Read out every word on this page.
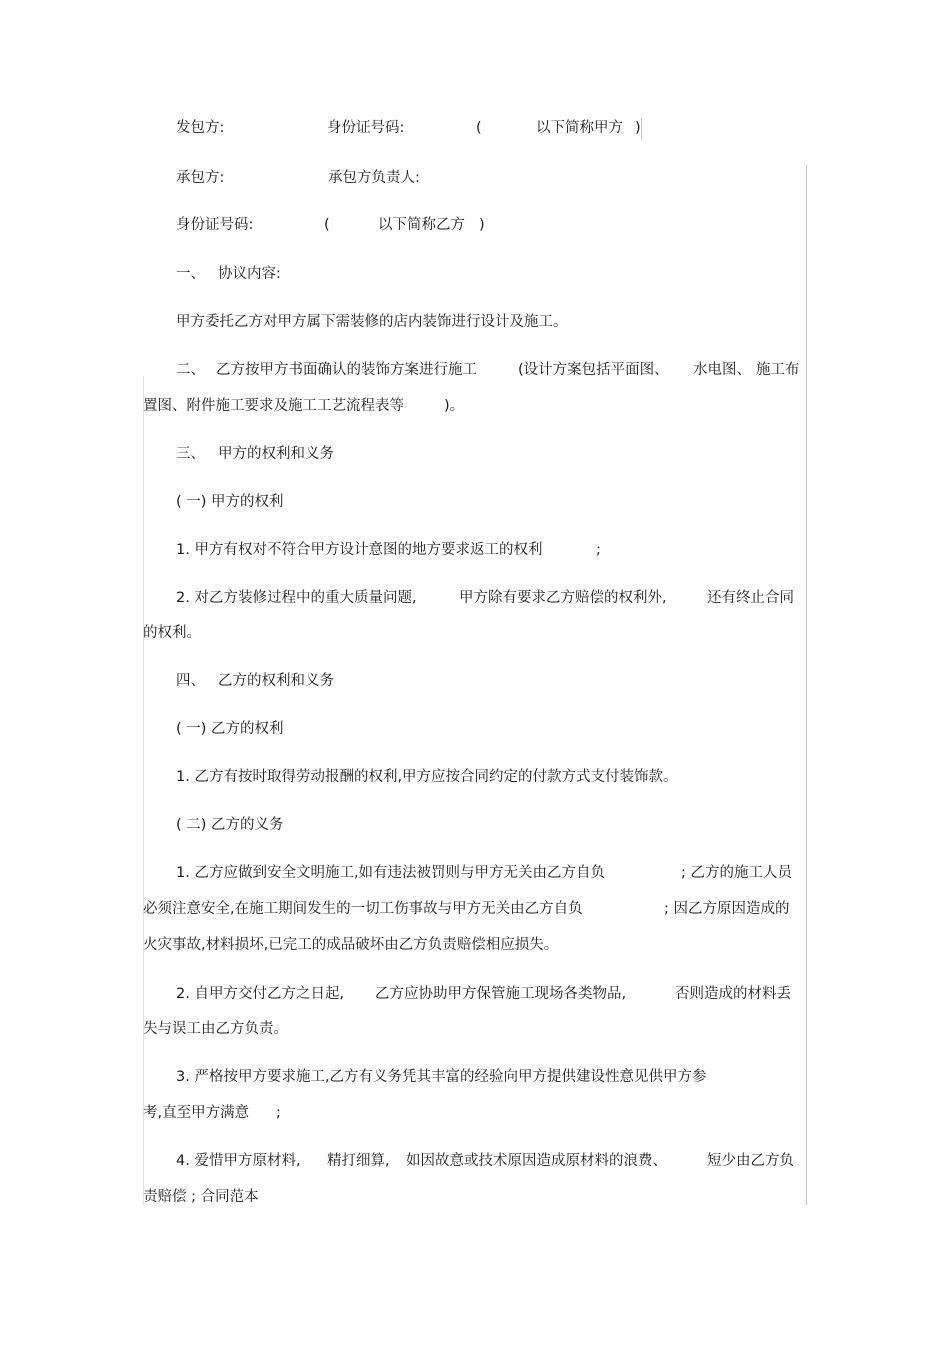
发包方:	身份证号码:	(	以下简称甲方 )
承包方:	承包方负责人:
身份证号码:	(	以下简称乙方 )
一、 协议内容:
甲方委托乙方对甲方属下需装修的店内装饰进行设计及施工。
二、 乙方按甲方书面确认的装饰方案进行施工	(设计方案包括平面图、 水电图、 施工布
置图、附件施工要求及施工工艺流程表等	)。
三、 甲方的权利和义务
( 一) 甲方的权利
1. 甲方有权对不符合甲方设计意图的地方要求返工的权利	;
2. 对乙方装修过程中的重大质量问题,	甲方除有要求乙方赔偿的权利外,	还有终止合同
的权利。
四、 乙方的权利和义务
( 一) 乙方的权利
1. 乙方有按时取得劳动报酬的权利,甲方应按合同约定的付款方式支付装饰款。
( 二) 乙方的义务
1. 乙方应做到安全文明施工,如有违法被罚则与甲方无关由乙方自负	; 乙方的施工人员
必须注意安全,在施工期间发生的一切工伤事故与甲方无关由乙方自负	; 因乙方原因造成的
火灾事故,材料损坏,已完工的成品破坏由乙方负责赔偿相应损失。
2. 自甲方交付乙方之日起, 乙方应协助甲方保管施工现场各类物品,	否则造成的材料丢
失与误工由乙方负责。
3. 严格按甲方要求施工,乙方有义务凭其丰富的经验向甲方提供建设性意见供甲方参
考,直至甲方满意 ;
4. 爱惜甲方原材料, 精打细算, 如因故意或技术原因造成原材料的浪费、	短少由乙方负
责赔偿 ; 合同范本
